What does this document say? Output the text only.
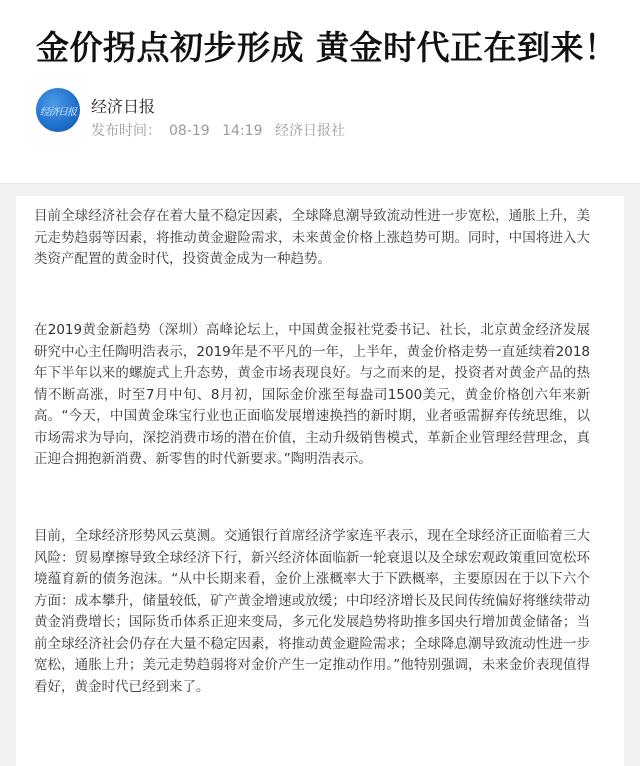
金价拐点初步形成 黄金时代正在到来！
经济日报 经济日报
发布时间： 08-19 14:19 经济日报社

目前全球经济社会存在着大量不稳定因素，全球降息潮导致流动性进一步宽松，通胀上升，美元走势趋弱等因素，将推动黄金避险需求，未来黄金价格上涨趋势可期。同时，中国将进入大类资产配置的黄金时代，投资黄金成为一种趋势。

在2019黄金新趋势（深圳）高峰论坛上，中国黄金报社党委书记、社长，北京黄金经济发展研究中心主任陶明浩表示，2019年是不平凡的一年，上半年，黄金价格走势一直延续着2018年下半年以来的螺旋式上升态势，黄金市场表现良好。与之而来的是，投资者对黄金产品的热情不断高涨，时至7月中旬、8月初，国际金价涨至每盎司1500美元，黄金价格创六年来新高。“今天，中国黄金珠宝行业也正面临发展增速换挡的新时期，业者亟需摒弃传统思维，以市场需求为导向，深挖消费市场的潜在价值，主动升级销售模式，革新企业管理经营理念，真正迎合拥抱新消费、新零售的时代新要求。”陶明浩表示。

目前，全球经济形势风云莫测。交通银行首席经济学家连平表示，现在全球经济正面临着三大风险：贸易摩擦导致全球经济下行，新兴经济体面临新一轮衰退以及全球宏观政策重回宽松环境蕴育新的债务泡沫。“从中长期来看，金价上涨概率大于下跌概率，主要原因在于以下六个方面：成本攀升，储量较低，矿产黄金增速或放缓；中印经济增长及民间传统偏好将继续带动黄金消费增长；国际货币体系正迎来变局，多元化发展趋势将助推多国央行增加黄金储备；当前全球经济社会仍存在大量不稳定因素，将推动黄金避险需求；全球降息潮导致流动性进一步宽松，通胀上升；美元走势趋弱将对金价产生一定推动作用。”他特别强调，未来金价表现值得看好，黄金时代已经到来了。
